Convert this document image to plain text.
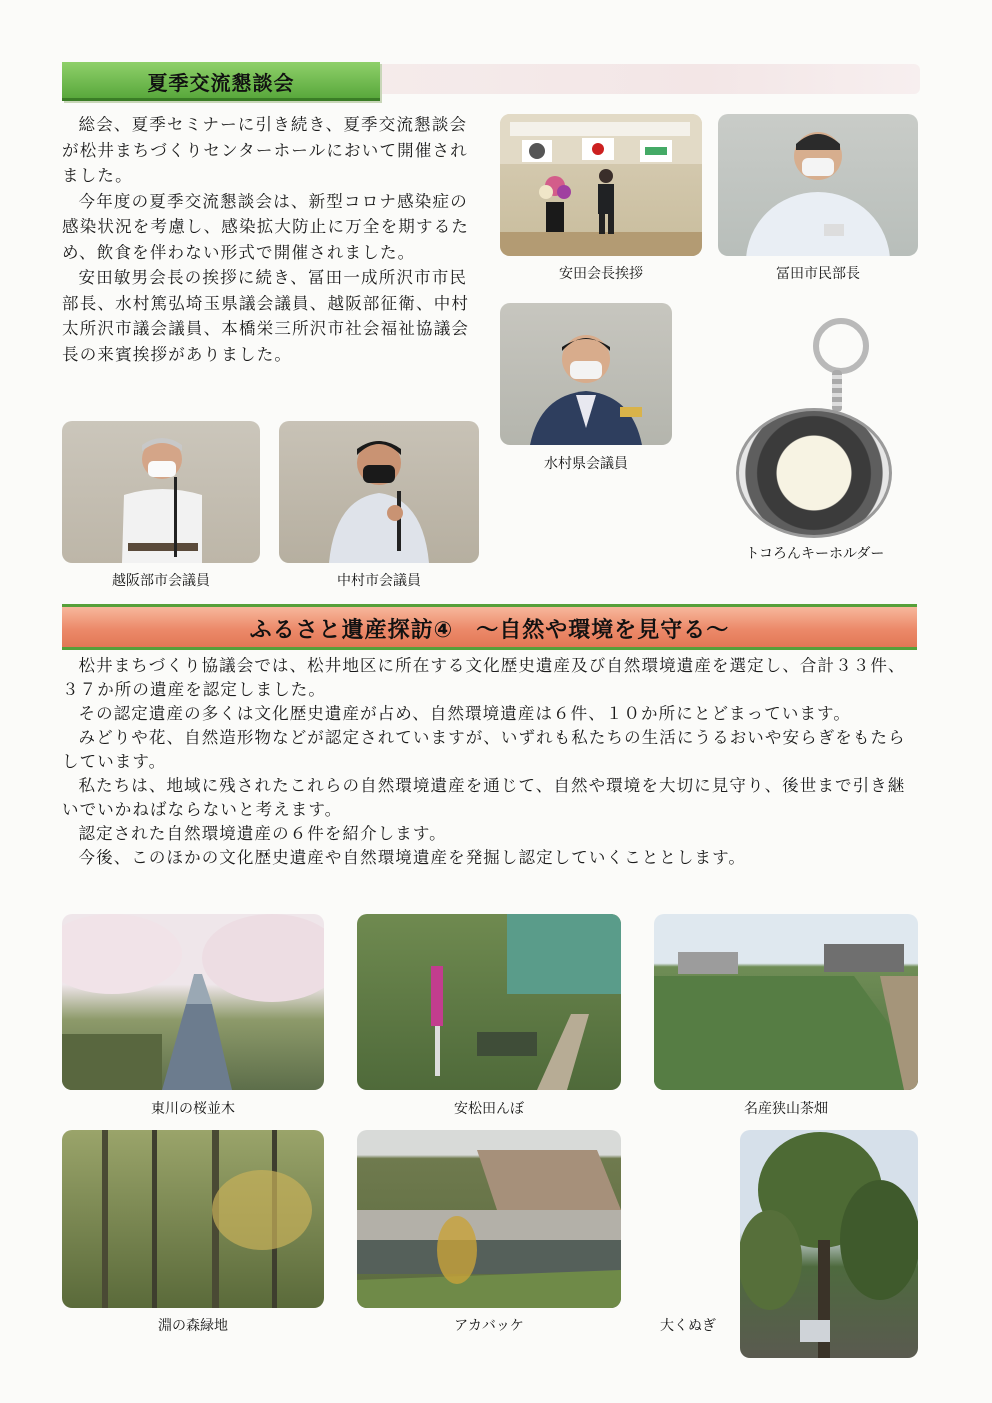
夏季交流懇談会

総会、夏季セミナーに引き続き、夏季交流懇談会が松井まちづくりセンターホールにおいて開催されました。

今年度の夏季交流懇談会は、新型コロナ感染症の感染状況を考慮し、感染拡大防止に万全を期するため、飲食を伴わない形式で開催されました。

安田敏男会長の挨拶に続き、冨田一成所沢市市民部長、水村篤弘埼玉県議会議員、越阪部征衛、中村太所沢市議会議員、本橋栄三所沢市社会福祉協議会長の来賓挨拶がありました。

安田会長挨拶	冨田市民部長
水村県会議員
トコろんキーホルダー
越阪部市会議員	中村市会議員
ふるさと遺産探訪④　～自然や環境を見守る～

松井まちづくり協議会では、松井地区に所在する文化歴史遺産及び自然環境遺産を選定し、合計３３件、３７か所の遺産を認定しました。

その認定遺産の多くは文化歴史遺産が占め、自然環境遺産は６件、１０か所にとどまっています。

みどりや花、自然造形物などが認定されていますが、いずれも私たちの生活にうるおいや安らぎをもたらしています。

私たちは、地域に残されたこれらの自然環境遺産を通じて、自然や環境を大切に見守り、後世まで引き継いでいかねばならないと考えます。

認定された自然環境遺産の６件を紹介します。

今後、このほかの文化歴史遺産や自然環境遺産を発掘し認定していくこととします。

東川の桜並木	安松田んぼ	名産狭山茶畑
淵の森緑地	アカバッケ	大くぬぎ
